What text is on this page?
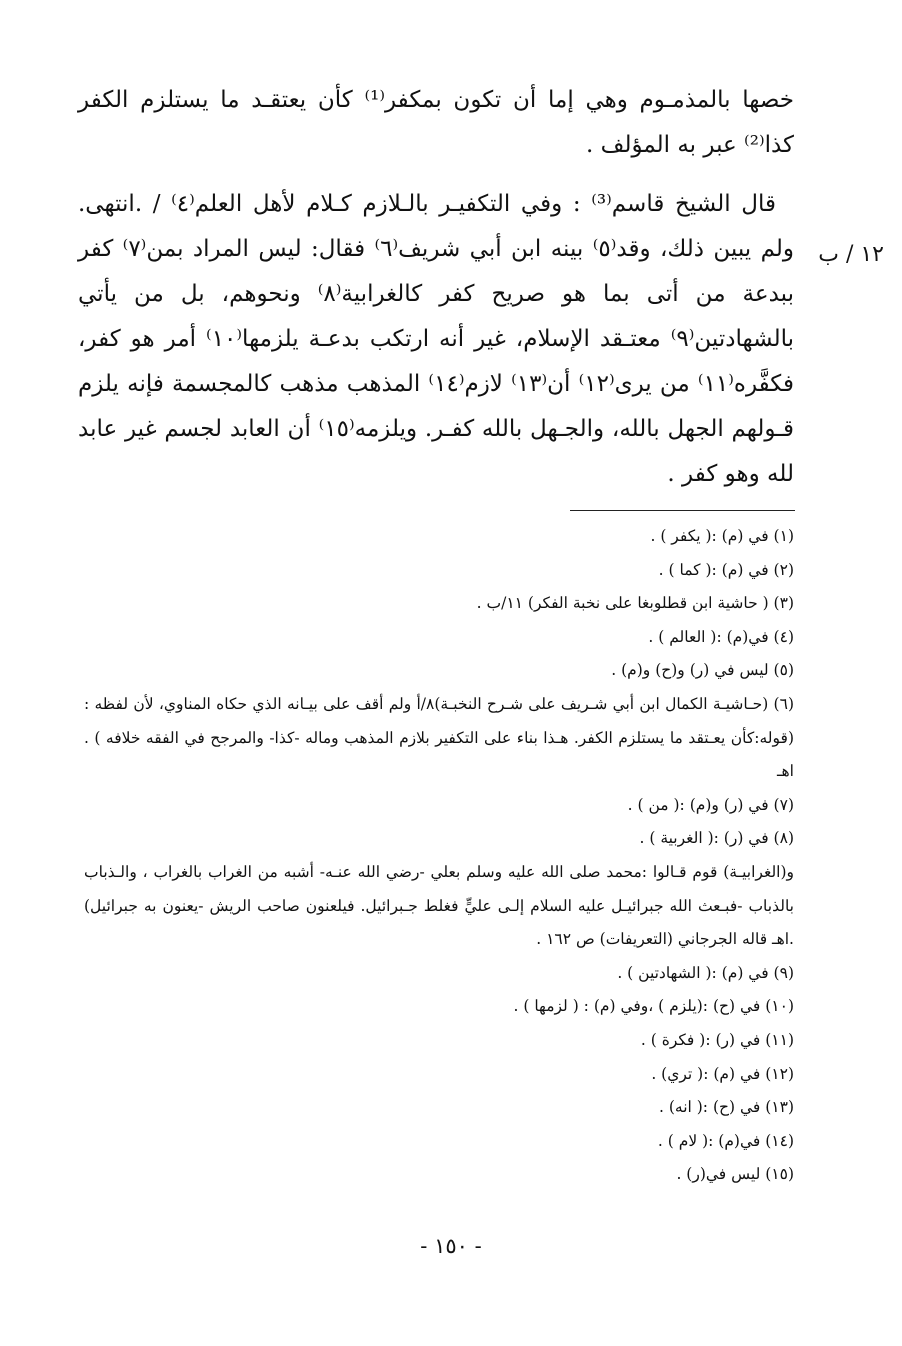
خصها بالمذمـوم وهي إما أن تكون بمكفر⁽¹⁾ كأن يعتقـد ما يستلزم الكفر كذا⁽²⁾ عبر به المؤلف .

قال الشيخ قاسم⁽³⁾ : وفي التكفيـر بالـلازم كـلام لأهل العلم⁽٤⁾ / .انتهى. ولم يبين ذلك، وقد⁽٥⁾ بينه ابن أبي شريف⁽٦⁾ فقال: ليس المراد بمن⁽٧⁾ كفر ببدعة من أتى بما هو صريح كفر كالغرابية⁽٨⁾ ونحوهم، بل من يأتي بالشهادتين⁽٩⁾ معتـقد الإسلام، غير أنه ارتكب بدعـة يلزمها⁽١٠⁾ أمر هو كفر، فكفَّره⁽١١⁾ من يرى⁽١٢⁾ أن⁽١٣⁾ لازم⁽١٤⁾ المذهب مذهب كالمجسمة فإنه يلزم قـولهم الجهل بالله، والجـهل بالله كفـر. ويلزمه⁽١٥⁾ أن العابد لجسم غير عابد لله وهو كفر .

١٢ / ب

(١) في (م) :( يكفر ) .

(٢) في (م) :( كما ) .

(٣) ( حاشية ابن قطلوبغا على نخبة الفكر) ١١/ب .

(٤) في(م) :( العالم ) .

(٥) ليس في (ر) و(ح) و(م) .

(٦) (حـاشيـة الكمال ابن أبي شـريف على شـرح النخبـة)٨/أ ولم أقف على بيـانه الذي حكاه المناوي، لأن لفظه :(قوله:كأن يعـتقد ما يستلزم الكفر. هـذا بناء على التكفير بلازم المذهب وماله -كذا- والمرجح في الفقه خلافه ) . اهـ

(٧) في (ر) و(م) :( من ) .

(٨) في (ر) :( الغربية ) .

و(الغرابيـة) قوم قـالوا :محمد صلى الله عليه وسلم بعلي -رضي الله عنـه- أشبه من الغراب بالغراب ، والـذباب بالذباب -فبـعث الله جبرائيـل عليه السلام إلـى عليٍّ فغلط جـبرائيل. فيلعنون صاحب الريش -يعنون به جبرائيل) .اهـ قاله الجرجاني (التعريفات) ص ١٦٢ .

(٩) في (م) :( الشهادتين ) .

(١٠) في (ح) :(يلزم ) ،وفي (م) : ( لزمها ) .

(١١) في (ر) :( فكرة ) .

(١٢) في (م) :( تري) .

(١٣) في (ح) :( انه) .

(١٤) في(م) :( لام ) .

(١٥) ليس في(ر) .

- ١٥٠ -
